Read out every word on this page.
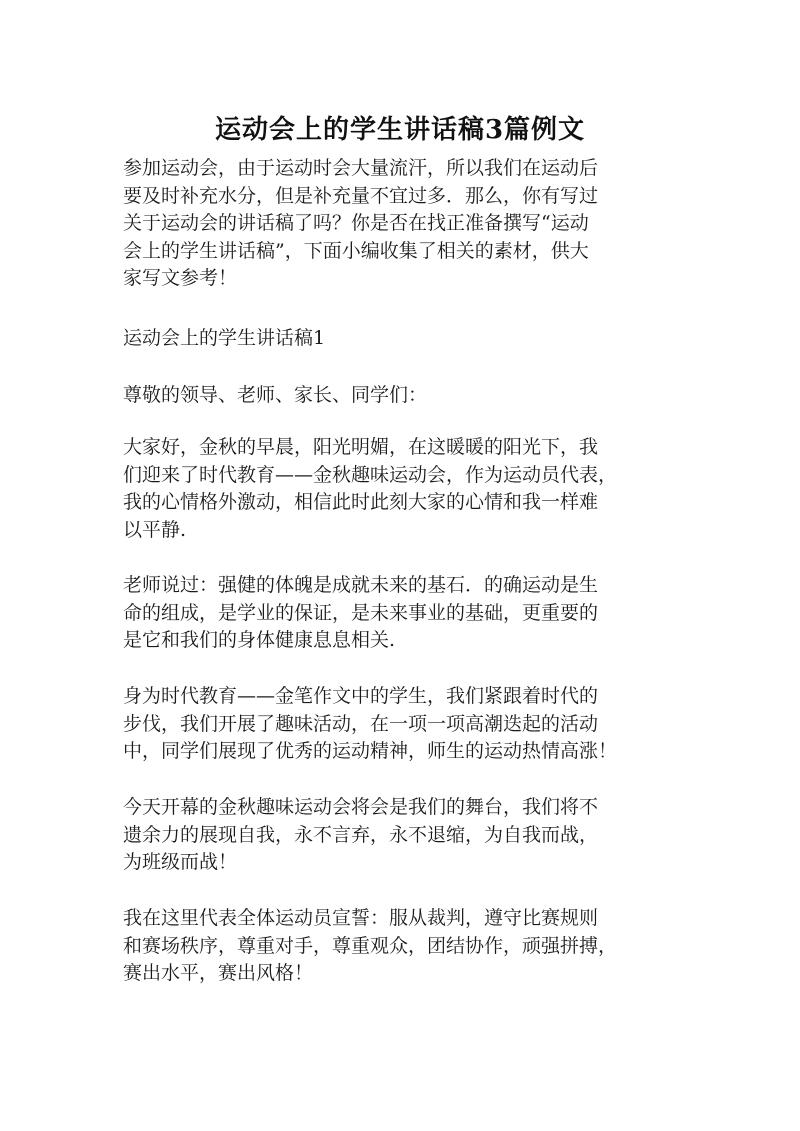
运动会上的学生讲话稿3篇例文
参加运动会，由于运动时会大量流汗，所以我们在运动后
要及时补充水分，但是补充量不宜过多．那么，你有写过
关于运动会的讲话稿了吗？你是否在找正准备撰写“运动
会上的学生讲话稿”，下面小编收集了相关的素材，供大
家写文参考！
运动会上的学生讲话稿1
尊敬的领导、老师、家长、同学们：
大家好，金秋的早晨，阳光明媚，在这暖暖的阳光下，我
们迎来了时代教育——金秋趣味运动会，作为运动员代表，
我的心情格外激动，相信此时此刻大家的心情和我一样难
以平静.
老师说过：强健的体魄是成就未来的基石．的确运动是生
命的组成，是学业的保证，是未来事业的基础，更重要的
是它和我们的身体健康息息相关.
身为时代教育——金笔作文中的学生，我们紧跟着时代的
步伐，我们开展了趣味活动，在一项一项高潮迭起的活动
中，同学们展现了优秀的运动精神，师生的运动热情高涨！
今天开幕的金秋趣味运动会将会是我们的舞台，我们将不
遗余力的展现自我，永不言弃，永不退缩，为自我而战，
为班级而战！
我在这里代表全体运动员宣誓：服从裁判，遵守比赛规则
和赛场秩序，尊重对手，尊重观众，团结协作，顽强拼搏，
赛出水平，赛出风格！
